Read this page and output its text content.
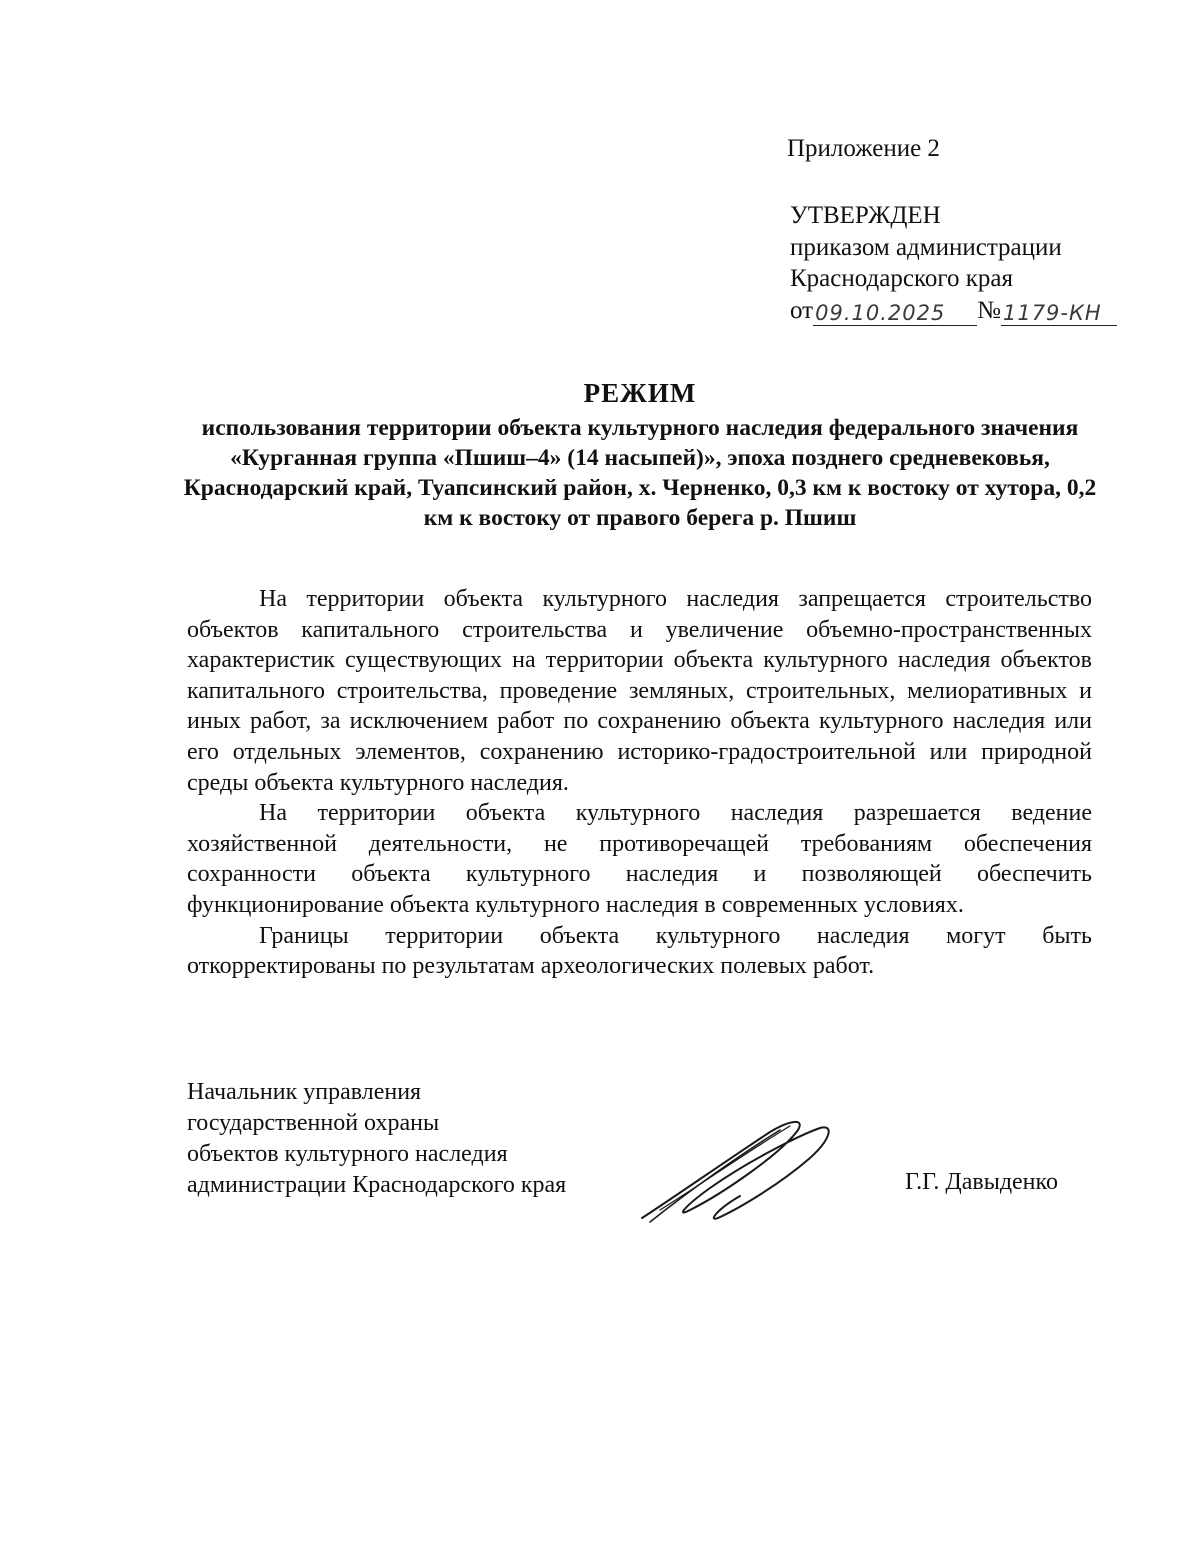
Приложение 2
УТВЕРЖДЕН
приказом администрации
Краснодарского края
от 09.10.2025	№ 1179-КН
РЕЖИМ
использования территории объекта культурного наследия федерального значения «Курганная группа «Пшиш–4» (14 насыпей)», эпоха позднего средневековья, Краснодарский край, Туапсинский район, х. Черненко, 0,3 км к востоку от хутора, 0,2 км к востоку от правого берега р. Пшиш

На территории объекта культурного наследия запрещается строительство объектов капитального строительства и увеличение объемно-пространственных характеристик существующих на территории объекта культурного наследия объектов капитального строительства, проведение земляных, строительных, мелиоративных и иных работ, за исключением работ по сохранению объекта культурного наследия или его отдельных элементов, сохранению историко-градостроительной или природной среды объекта культурного наследия.

На территории объекта культурного наследия разрешается ведение хозяйственной деятельности, не противоречащей требованиям обеспечения сохранности объекта культурного наследия и позволяющей обеспечить функционирование объекта культурного наследия в современных условиях.

Границы территории объекта культурного наследия могут быть откорректированы по результатам археологических полевых работ.

Начальник управления
государственной охраны
объектов культурного наследия
администрации Краснодарского края	Г.Г. Давыденко
